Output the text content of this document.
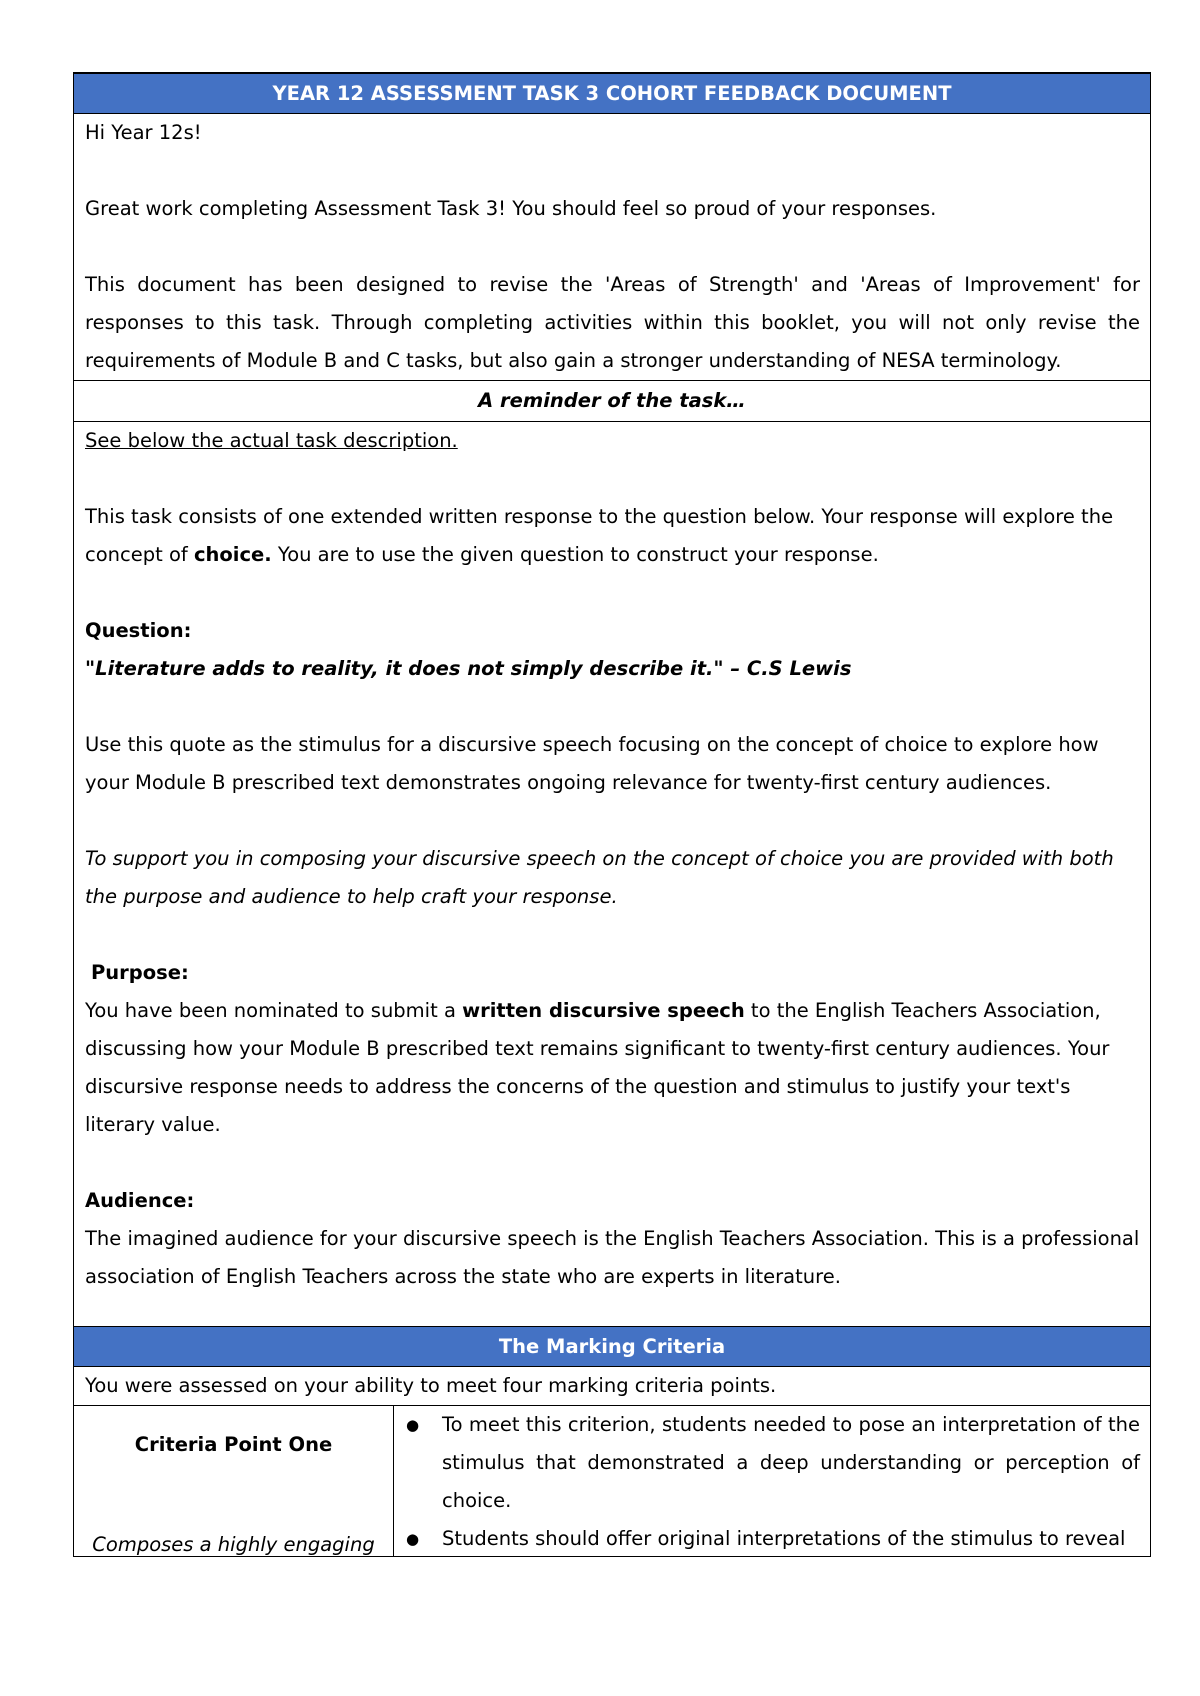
YEAR 12 ASSESSMENT TASK 3 COHORT FEEDBACK DOCUMENT

Hi Year 12s!

Great work completing Assessment Task 3! You should feel so proud of your responses.

This document has been designed to revise the 'Areas of Strength' and 'Areas of Improvement' for responses to this task. Through completing activities within this booklet, you will not only revise the requirements of Module B and C tasks, but also gain a stronger understanding of NESA terminology.

A reminder of the task…

See below the actual task description.

This task consists of one extended written response to the question below. Your response will explore the concept of choice. You are to use the given question to construct your response.

Question:

"Literature adds to reality, it does not simply describe it." – C.S Lewis

Use this quote as the stimulus for a discursive speech focusing on the concept of choice to explore how your Module B prescribed text demonstrates ongoing relevance for twenty-first century audiences.

To support you in composing your discursive speech on the concept of choice you are provided with both the purpose and audience to help craft your response.

Purpose:

You have been nominated to submit a written discursive speech to the English Teachers Association, discussing how your Module B prescribed text remains significant to twenty-first century audiences. Your discursive response needs to address the concerns of the question and stimulus to justify your text's literary value.

Audience:

The imagined audience for your discursive speech is the English Teachers Association. This is a professional association of English Teachers across the state who are experts in literature.

The Marking Criteria
You were assessed on your ability to meet four marking criteria points.
Criteria Point One
Composes a highly engaging
●	To meet this criterion, students needed to pose an interpretation of the stimulus that demonstrated a deep understanding or perception of choice.
●	Students should offer original interpretations of the stimulus to reveal
